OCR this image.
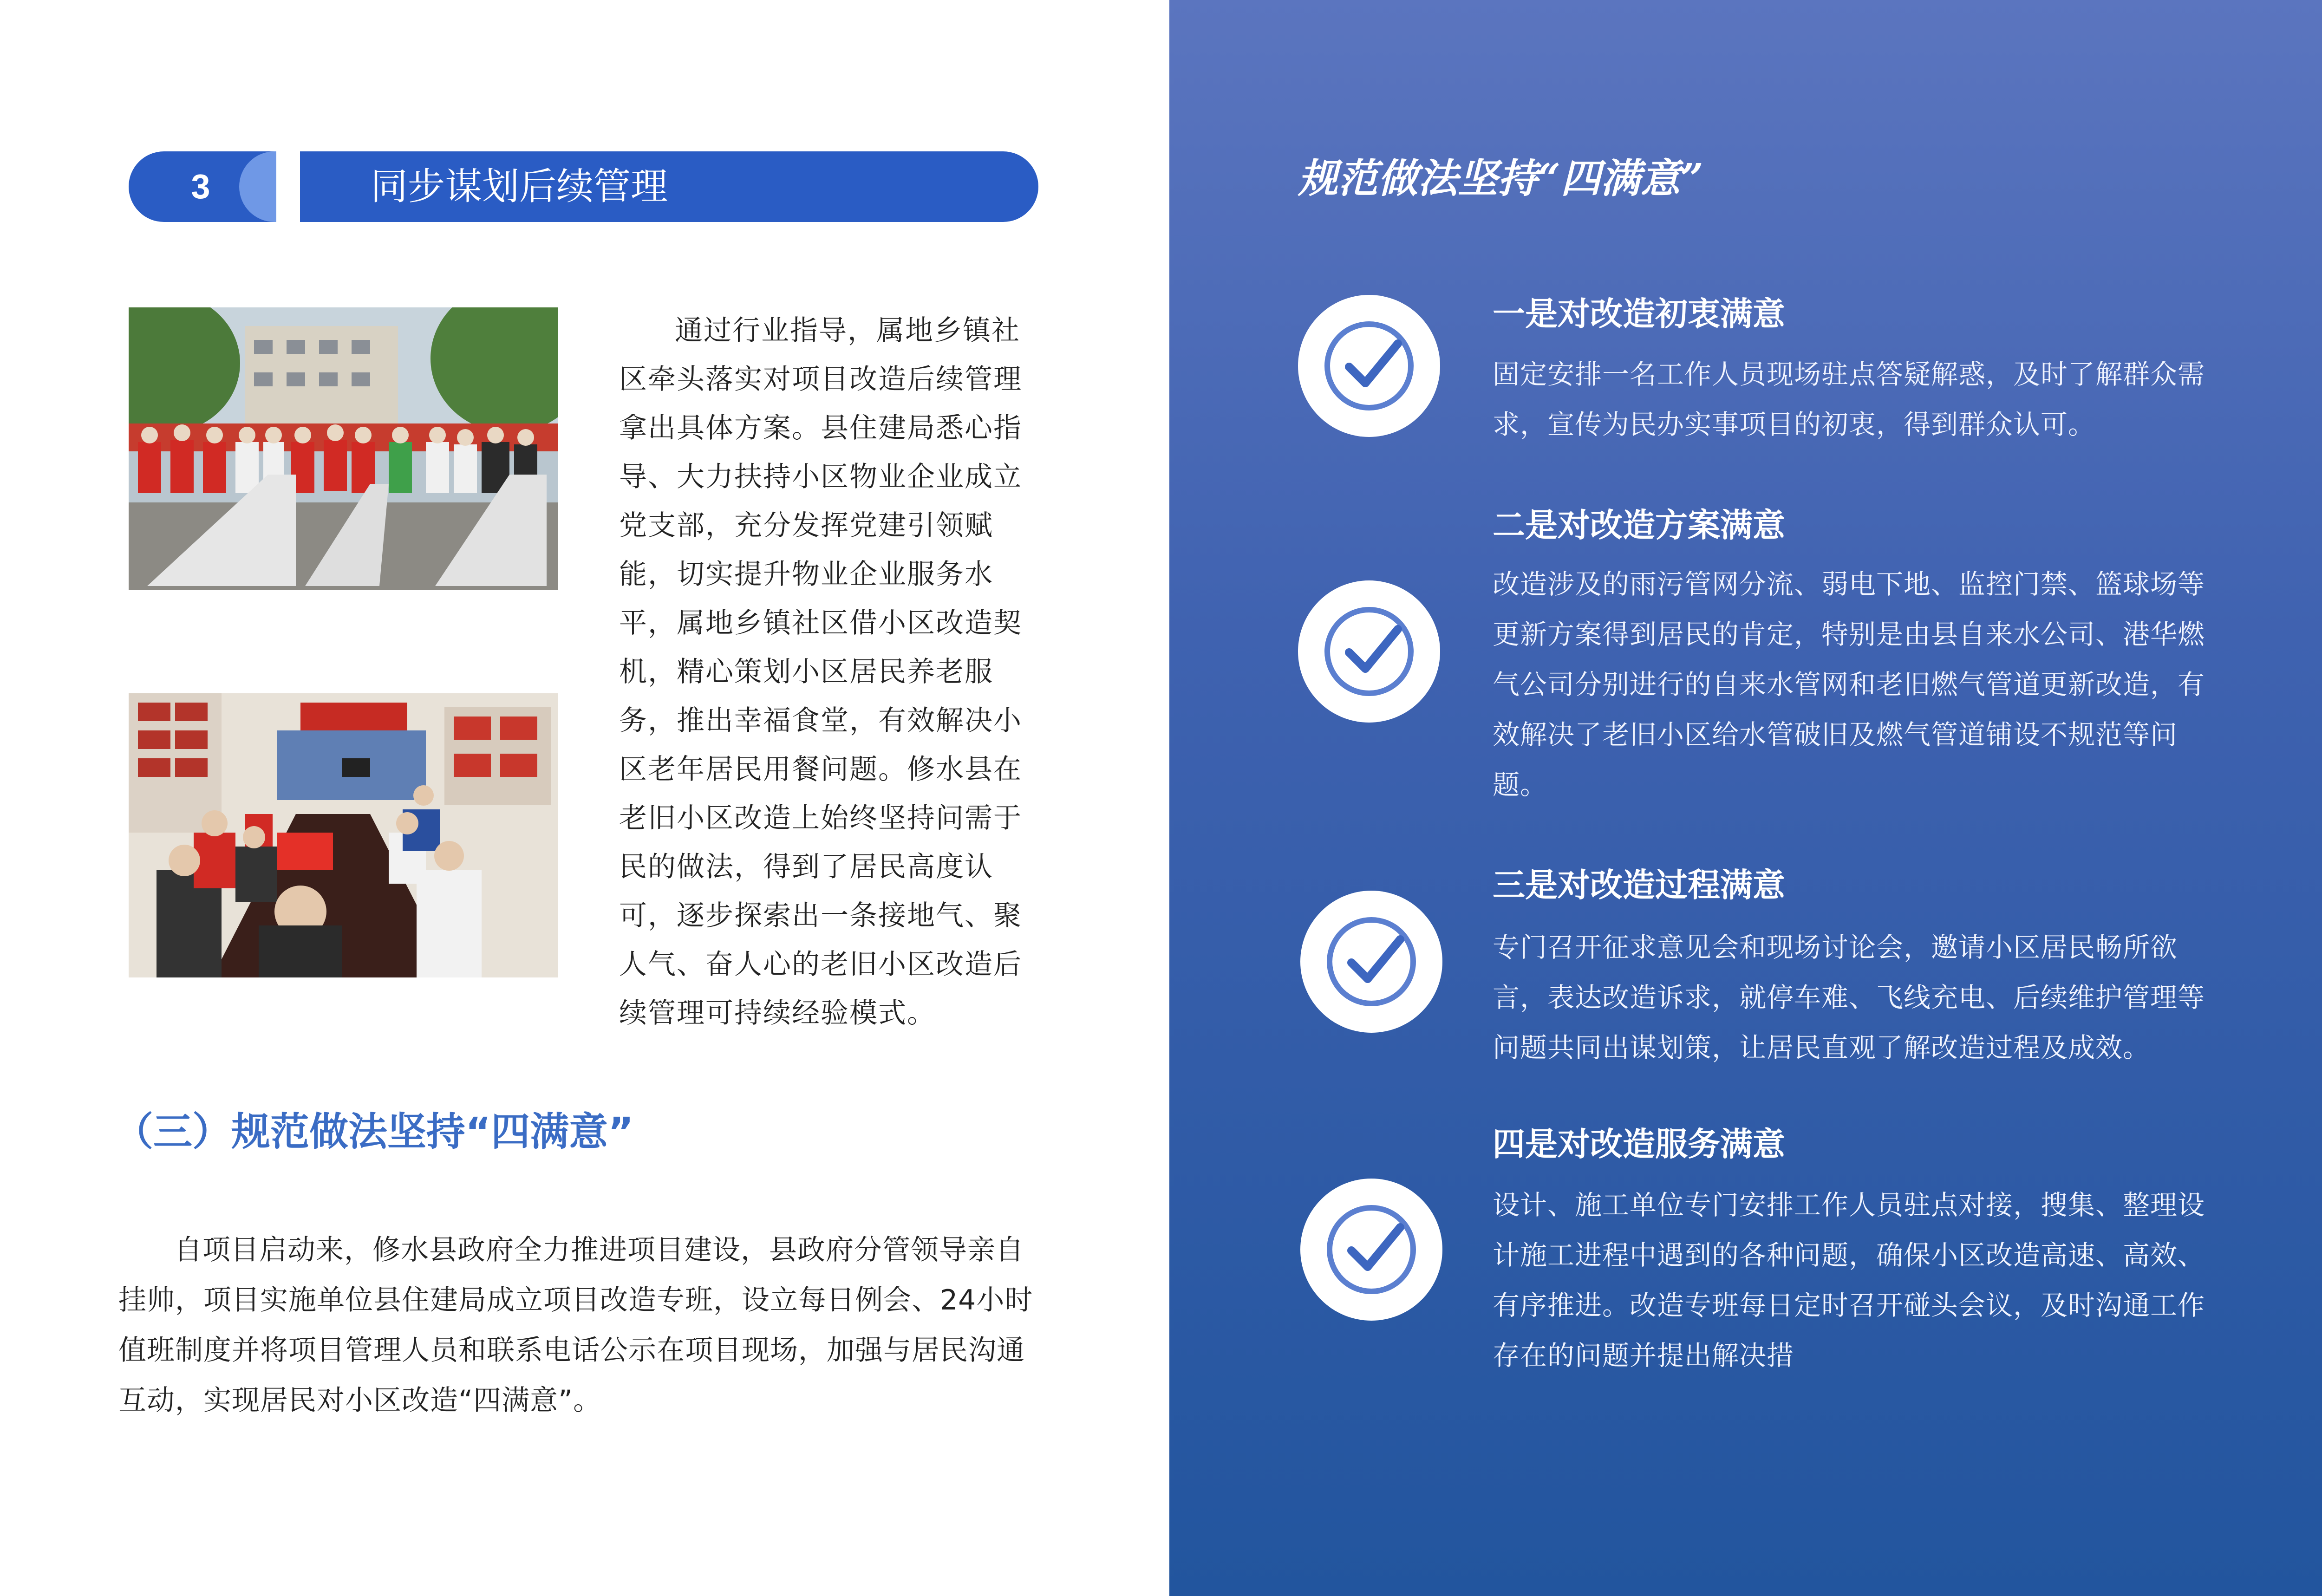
3	同步谋划后续管理
通过行业指导，属地乡镇社区牵头落实对项目改造后续管理拿出具体方案。县住建局悉心指导、大力扶持小区物业企业成立党支部，充分发挥党建引领赋能，切实提升物业企业服务水平，属地乡镇社区借小区改造契机，精心策划小区居民养老服务，推出幸福食堂，有效解决小区老年居民用餐问题。修水县在老旧小区改造上始终坚持问需于民的做法，得到了居民高度认可，逐步探索出一条接地气、聚人气、奋人心的老旧小区改造后续管理可持续经验模式。
（三）规范做法坚持“四满意”
自项目启动来，修水县政府全力推进项目建设，县政府分管领导亲自挂帅，项目实施单位县住建局成立项目改造专班，设立每日例会、24小时值班制度并将项目管理人员和联系电话公示在项目现场，加强与居民沟通互动，实现居民对小区改造“四满意”。
规范做法坚持“四满意”
一是对改造初衷满意
固定安排一名工作人员现场驻点答疑解惑，及时了解群众需求，宣传为民办实事项目的初衷，得到群众认可。
二是对改造方案满意
改造涉及的雨污管网分流、弱电下地、监控门禁、篮球场等更新方案得到居民的肯定，特别是由县自来水公司、港华燃气公司分别进行的自来水管网和老旧燃气管道更新改造，有效解决了老旧小区给水管破旧及燃气管道铺设不规范等问题。
三是对改造过程满意
专门召开征求意见会和现场讨论会，邀请小区居民畅所欲言，表达改造诉求，就停车难、飞线充电、后续维护管理等问题共同出谋划策，让居民直观了解改造过程及成效。
四是对改造服务满意
设计、施工单位专门安排工作人员驻点对接，搜集、整理设计施工进程中遇到的各种问题，确保小区改造高速、高效、有序推进。改造专班每日定时召开碰头会议，及时沟通工作存在的问题并提出解决措
